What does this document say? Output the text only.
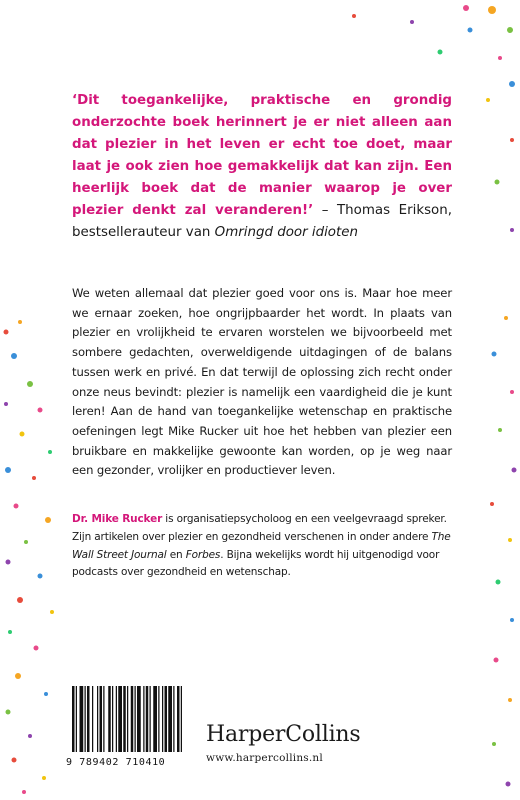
‘Dit toegankelijke, praktische en grondig onderzochte boek herinnert je er niet alleen aan dat plezier in het leven er echt toe doet, maar laat je ook zien hoe gemakkelijk dat kan zijn. Een heerlijk boek dat de manier waarop je over plezier denkt zal veranderen!’ – Thomas Erikson, bestsellerauteur van Omringd door idioten
We weten allemaal dat plezier goed voor ons is. Maar hoe meer we ernaar zoeken, hoe ongrijpbaarder het wordt. In plaats van plezier en vrolijkheid te ervaren worstelen we bijvoorbeeld met sombere gedachten, overweldigende uitdagingen of de balans tussen werk en privé. En dat terwijl de oplossing zich recht onder onze neus bevindt: plezier is namelijk een vaardigheid die je kunt leren! Aan de hand van toegankelijke wetenschap en praktische oefeningen legt Mike Rucker uit hoe het hebben van plezier een bruikbare en makkelijke gewoonte kan worden, op je weg naar een gezonder, vrolijker en productiever leven.
Dr. Mike Rucker is organisatiepsycholoog en een veelgevraagd spreker. Zijn artikelen over plezier en gezondheid verschenen in onder andere The Wall Street Journal en Forbes. Bijna wekelijks wordt hij uitgenodigd voor podcasts over gezondheid en wetenschap.
9 789402 710410
HarperCollins
www.harpercollins.nl
